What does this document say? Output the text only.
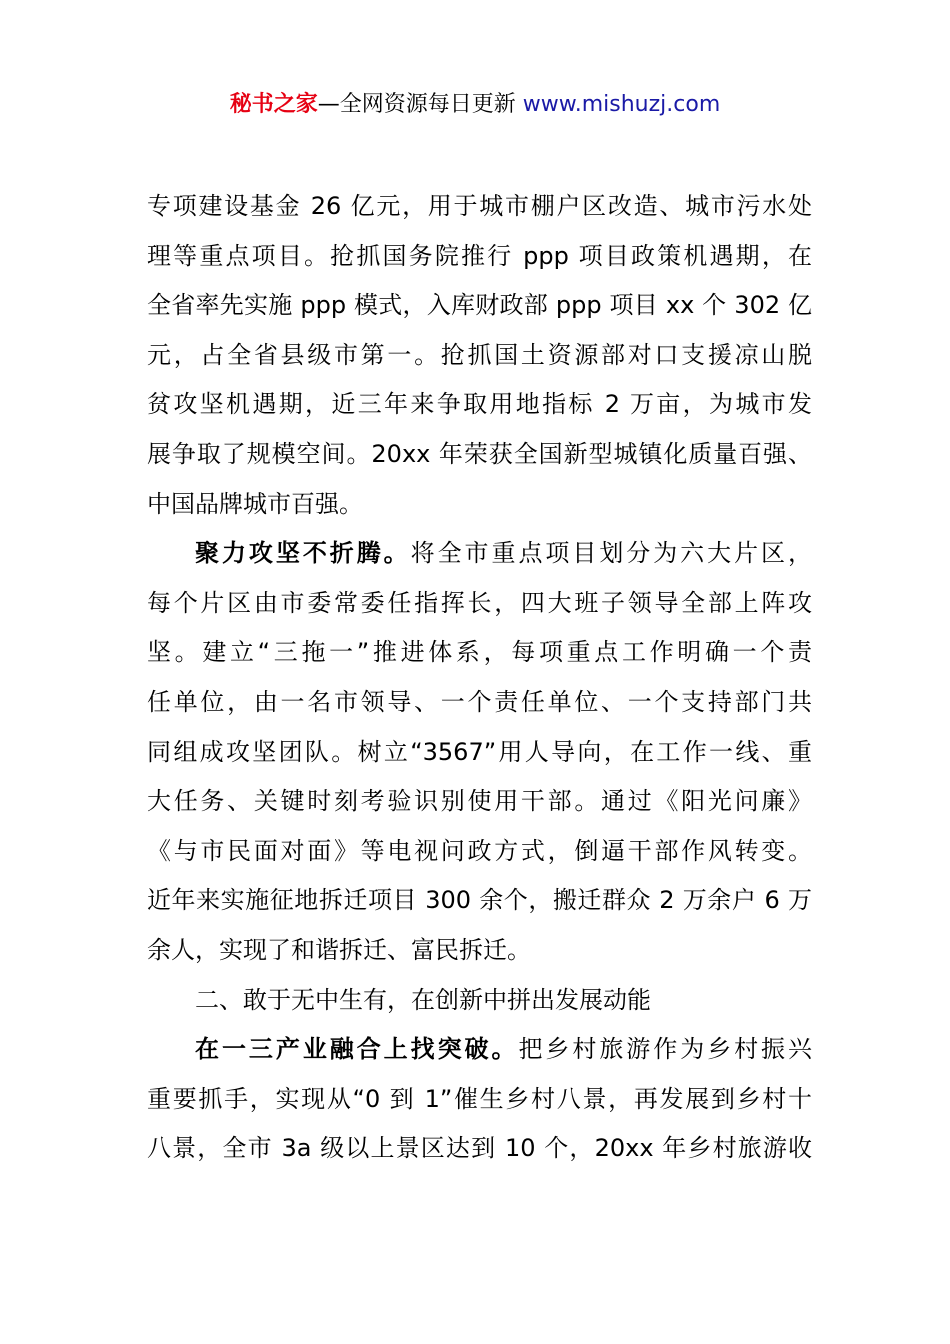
秘书之家—全网资源每日更新 www.mishuzj.com
专项建设基金 26 亿元，用于城市棚户区改造、城市污水处
理等重点项目。抢抓国务院推行 ppp 项目政策机遇期，在
全省率先实施 ppp 模式，入库财政部 ppp 项目 xx 个 302 亿
元，占全省县级市第一。抢抓国土资源部对口支援凉山脱
贫攻坚机遇期，近三年来争取用地指标 2 万亩，为城市发
展争取了规模空间。20xx 年荣获全国新型城镇化质量百强、
中国品牌城市百强。
聚力攻坚不折腾。将全市重点项目划分为六大片区，
每个片区由市委常委任指挥长，四大班子领导全部上阵攻
坚。建立“三拖一”推进体系，每项重点工作明确一个责
任单位，由一名市领导、一个责任单位、一个支持部门共
同组成攻坚团队。树立“3567”用人导向，在工作一线、重
大任务、关键时刻考验识别使用干部。通过《阳光问廉》
《与市民面对面》等电视问政方式，倒逼干部作风转变。
近年来实施征地拆迁项目 300 余个，搬迁群众 2 万余户 6 万
余人，实现了和谐拆迁、富民拆迁。
二、敢于无中生有，在创新中拼出发展动能
在一三产业融合上找突破。把乡村旅游作为乡村振兴
重要抓手，实现从“0 到 1”催生乡村八景，再发展到乡村十
八景，全市 3a 级以上景区达到 10 个，20xx 年乡村旅游收
